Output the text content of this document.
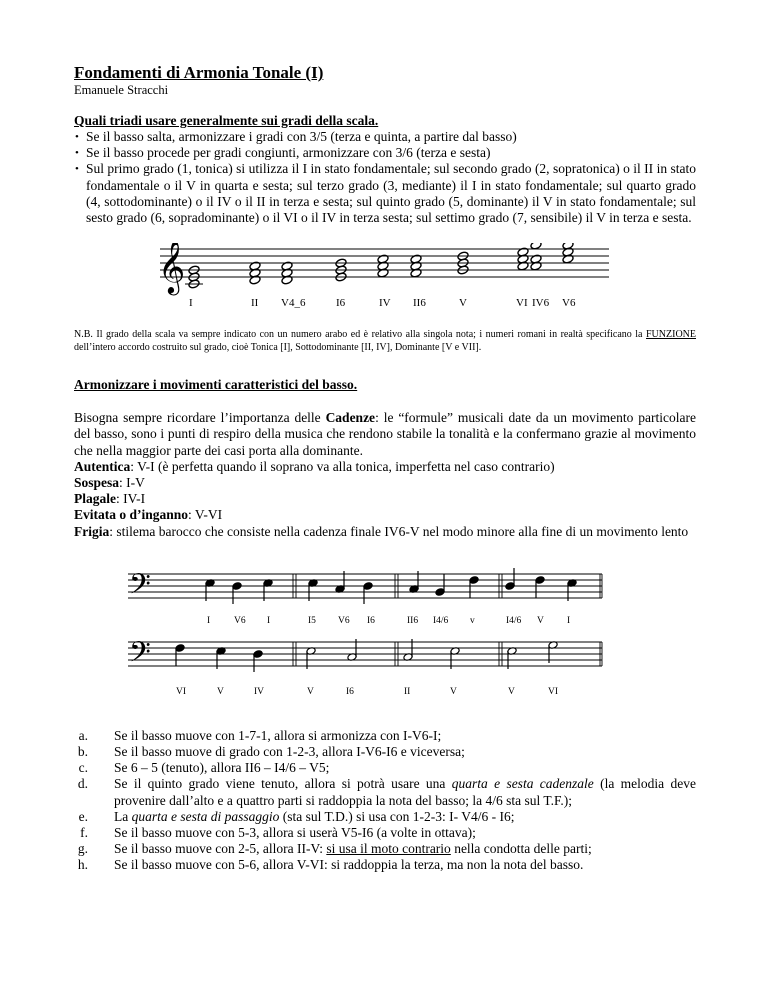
Fondamenti di Armonia Tonale (I)
Emanuele Stracchi
Quali triadi usare generalmente sui gradi della scala.
• Se il basso salta, armonizzare i gradi con 3/5 (terza e quinta, a partire dal basso)
• Se il basso procede per gradi congiunti, armonizzare con 3/6 (terza e sesta)
• Sul primo grado (1, tonica) si utilizza il I in stato fondamentale; sul secondo grado (2, sopratonica) o il II in stato fondamentale o il V in quarta e sesta; sul terzo grado (3, mediante) il I in stato fondamentale; sul quarto grado (4, sottodominante) o il IV o il II in terza e sesta; sul quinto grado (5, dominante) il V in stato fondamentale; sul sesto grado (6, sopradominante) o il VI o il IV in terza sesta; sul settimo grado (7, sensibile) il V in terza e sesta.
𝄞
I	II V4_6	I6	IV II6	V	VI IV6 V6
N.B. Il grado della scala va sempre indicato con un numero arabo ed è relativo alla singola nota; i numeri romani in realtà specificano la FUNZIONE dell’intero accordo costruito sul grado, cioè Tonica [I], Sottodominante [II, IV], Dominante [V e VII].
Armonizzare i movimenti caratteristici del basso.

Bisogna sempre ricordare l’importanza delle Cadenze: le “formule” musicali date da un movimento particolare del basso, sono i punti di respiro della musica che rendono stabile la tonalità e la confermano grazie al movimento che nella maggior parte dei casi porta alla dominante.

Autentica: V-I (è perfetta quando il soprano va alla tonica, imperfetta nel caso contrario)

Sospesa: I-V

Plagale: IV-I

Evitata o d’inganno: V-VI

Frigia: stilema barocco che consiste nella cadenza finale IV6-V nel modo minore alla fine di un movimento lento

𝄢
𝄢
I	V6 I	I5 V6 I6	II6 I4/6 v	I4/6 V I
VI	V	IV	V	I6	II	V	V	VI
a. Se il basso muove con 1-7-1, allora si armonizza con I-V6-I;
b. Se il basso muove di grado con 1-2-3, allora I-V6-I6 e viceversa;
c. Se 6 – 5 (tenuto), allora II6 – I4/6 – V5;
d. Se il quinto grado viene tenuto, allora si potrà usare una quarta e sesta cadenzale (la melodia deve provenire dall’alto e a quattro parti si raddoppia la nota del basso; la 4/6 sta sul T.F.);
e. La quarta e sesta di passaggio (sta sul T.D.) si usa con 1-2-3: I- V4/6 - I6;
f. Se il basso muove con 5-3, allora si userà V5-I6 (a volte in ottava);
g. Se il basso muove con 2-5, allora II-V: si usa il moto contrario nella condotta delle parti;
h. Se il basso muove con 5-6, allora V-VI: si raddoppia la terza, ma non la nota del basso.
